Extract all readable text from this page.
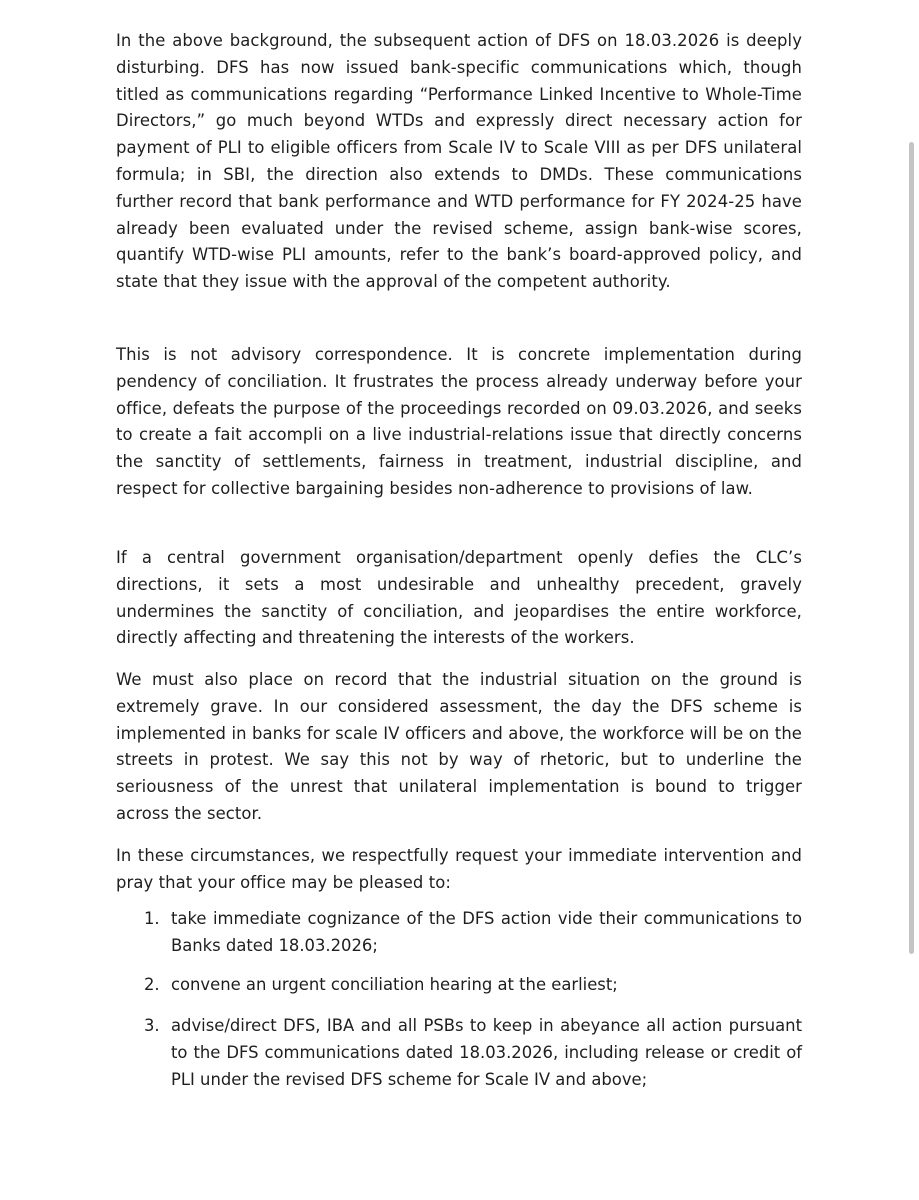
In the above background, the subsequent action of DFS on 18.03.2026 is deeply disturbing. DFS has now issued bank-specific communications which, though titled as communications regarding “Performance Linked Incentive to Whole-Time Directors,” go much beyond WTDs and expressly direct necessary action for payment of PLI to eligible officers from Scale IV to Scale VIII as per DFS unilateral formula; in SBI, the direction also extends to DMDs. These communications further record that bank performance and WTD performance for FY 2024-25 have already been evaluated under the revised scheme, assign bank-wise scores, quantify WTD-wise PLI amounts, refer to the bank’s board-approved policy, and state that they issue with the approval of the competent authority.

This is not advisory correspondence. It is concrete implementation during pendency of conciliation. It frustrates the process already underway before your office, defeats the purpose of the proceedings recorded on 09.03.2026, and seeks to create a fait accompli on a live industrial-relations issue that directly concerns the sanctity of settlements, fairness in treatment, industrial discipline, and respect for collective bargaining besides non-adherence to provisions of law.

If a central government organisation/department openly defies the CLC’s directions, it sets a most undesirable and unhealthy precedent, gravely undermines the sanctity of conciliation, and jeopardises the entire workforce, directly affecting and threatening the interests of the workers.

We must also place on record that the industrial situation on the ground is extremely grave. In our considered assessment, the day the DFS scheme is implemented in banks for scale IV officers and above, the workforce will be on the streets in protest. We say this not by way of rhetoric, but to underline the seriousness of the unrest that unilateral implementation is bound to trigger across the sector.

In these circumstances, we respectfully request your immediate intervention and pray that your office may be pleased to:

1. take immediate cognizance of the DFS action vide their communications to Banks dated 18.03.2026;
2. convene an urgent conciliation hearing at the earliest;
3. advise/direct DFS, IBA and all PSBs to keep in abeyance all action pursuant to the DFS communications dated 18.03.2026, including release or credit of PLI under the revised DFS scheme for Scale IV and above;
